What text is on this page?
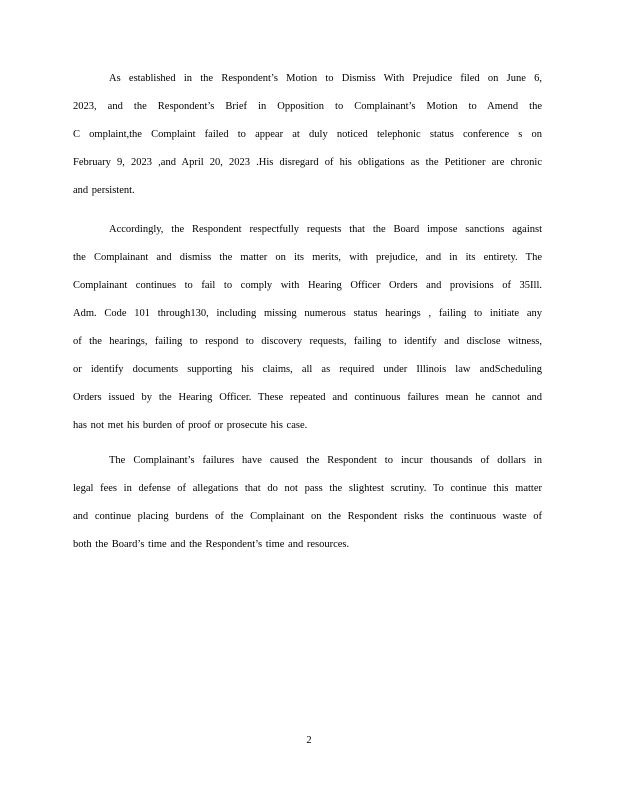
As established in the Respondent’s Motion to Dismiss With Prejudice filed on June 6,
2023, and the Respondent’s Brief in Opposition to Complainant’s Motion to Amend the
C omplaint,the Complaint failed to appear at duly noticed telephonic status conference s on
February 9, 2023 ,and April 20, 2023 .His disregard of his obligations as the Petitioner are chronic
and persistent.
Accordingly, the Respondent respectfully requests that the Board impose sanctions against
the Complainant and dismiss the matter on its merits, with prejudice, and in its entirety. The
Complainant continues to fail to comply with Hearing Officer Orders and provisions of 35Ill.
Adm. Code 101 through130, including missing numerous status hearings , failing to initiate any
of the hearings, failing to respond to discovery requests, failing to identify and disclose witness,
or identify documents supporting his claims, all as required under Illinois law andScheduling
Orders issued by the Hearing Officer. These repeated and continuous failures mean he cannot and
has not met his burden of proof or prosecute his case.
The Complainant’s failures have caused the Respondent to incur thousands of dollars in
legal fees in defense of allegations that do not pass the slightest scrutiny. To continue this matter
and continue placing burdens of the Complainant on the Respondent risks the continuous waste of
both the Board’s time and the Respondent’s time and resources.
2
